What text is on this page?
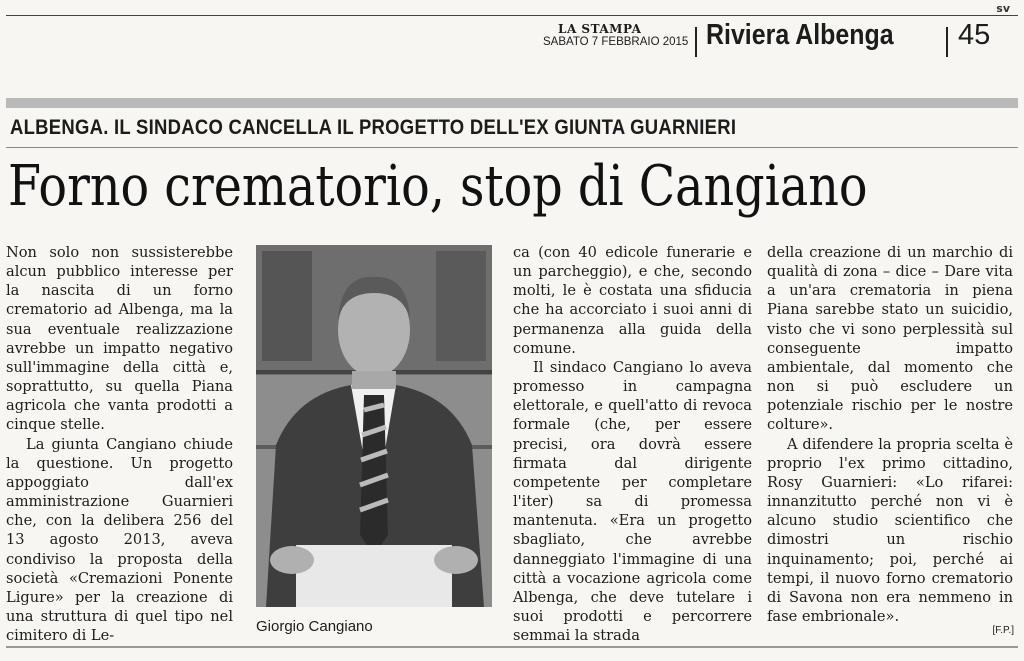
sv
LA STAMPA
SABATO 7 FEBBRAIO 2015 Riviera Albenga 45
ALBENGA. IL SINDACO CANCELLA IL PROGETTO DELL'EX GIUNTA GUARNIERI
Forno crematorio, stop di Cangiano

Non solo non sussisterebbe alcun pubblico interesse per la nascita di un forno crematorio ad Albenga, ma la sua eventuale realizzazione avrebbe un impatto negativo sull'immagine della città e, soprattutto, su quella Piana agricola che vanta prodotti a cinque stelle.

La giunta Cangiano chiude la questione. Un progetto appoggiato dall'ex amministrazione Guarnieri che, con la delibera 256 del 13 agosto 2013, aveva condiviso la proposta della società «Cremazioni Ponente Ligure» per la creazione di una struttura di quel tipo nel cimitero di Le-

Giorgio Cangiano

ca (con 40 edicole funerarie e un parcheggio), e che, secondo molti, le è costata una sfiducia che ha accorciato i suoi anni di permanenza alla guida della comune.

Il sindaco Cangiano lo aveva promesso in campagna elettorale, e quell'atto di revoca formale (che, per essere precisi, ora dovrà essere firmata dal dirigente competente per completare l'iter) sa di promessa mantenuta. «Era un progetto sbagliato, che avrebbe danneggiato l'immagine di una città a vocazione agricola come Albenga, che deve tutelare i suoi prodotti e percorrere semmai la strada

della creazione di un marchio di qualità di zona – dice – Dare vita a un'ara crematoria in piena Piana sarebbe stato un suicidio, visto che vi sono perplessità sul conseguente impatto ambientale, dal momento che non si può escludere un potenziale rischio per le nostre colture».

A difendere la propria scelta è proprio l'ex primo cittadino, Rosy Guarnieri: «Lo rifarei: innanzitutto perché non vi è alcuno studio scientifico che dimostri un rischio inquinamento; poi, perché ai tempi, il nuovo forno crematorio di Savona non era nemmeno in fase embrionale».

[F.P.]
